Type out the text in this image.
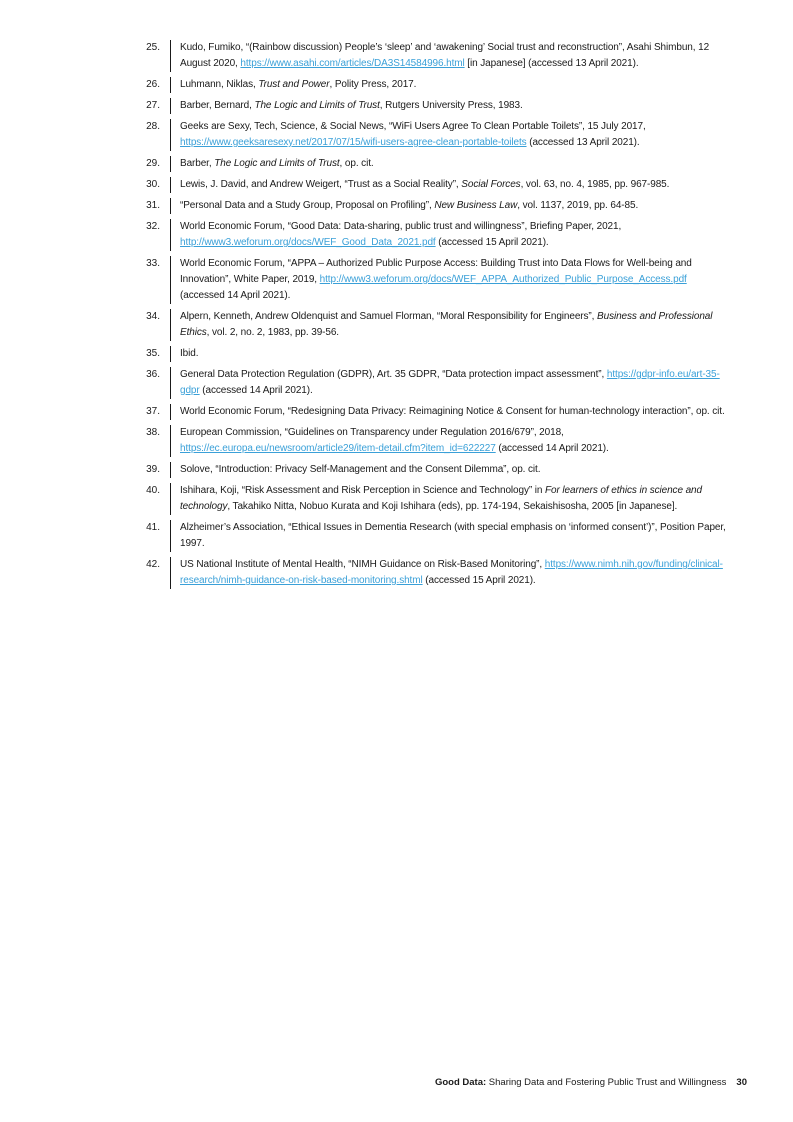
25.	Kudo, Fumiko, “(Rainbow discussion) People’s ‘sleep’ and ‘awakening’ Social trust and reconstruction”, Asahi Shimbun, 12 August 2020, https://www.asahi.com/articles/DA3S14584996.html [in Japanese] (accessed 13 April 2021).
26.	Luhmann, Niklas, Trust and Power, Polity Press, 2017.
27.	Barber, Bernard, The Logic and Limits of Trust, Rutgers University Press, 1983.
28.	Geeks are Sexy, Tech, Science, & Social News, “WiFi Users Agree To Clean Portable Toilets”, 15 July 2017, https://www.geeksaresexy.net/2017/07/15/wifi-users-agree-clean-portable-toilets (accessed 13 April 2021).
29.	Barber, The Logic and Limits of Trust, op. cit.
30.	Lewis, J. David, and Andrew Weigert, “Trust as a Social Reality”, Social Forces, vol. 63, no. 4, 1985, pp. 967-985.
31.	“Personal Data and a Study Group, Proposal on Profiling”, New Business Law, vol. 1137, 2019, pp. 64-85.
32.	World Economic Forum, “Good Data: Data-sharing, public trust and willingness”, Briefing Paper, 2021, http://www3.weforum.org/docs/WEF_Good_Data_2021.pdf (accessed 15 April 2021).
33.	World Economic Forum, “APPA – Authorized Public Purpose Access: Building Trust into Data Flows for Well-being and Innovation”, White Paper, 2019, http://www3.weforum.org/docs/WEF_APPA_Authorized_Public_Purpose_Access.pdf (accessed 14 April 2021).
34.	Alpern, Kenneth, Andrew Oldenquist and Samuel Florman, “Moral Responsibility for Engineers”, Business and Professional Ethics, vol. 2, no. 2, 1983, pp. 39-56.
35.	Ibid.
36.	General Data Protection Regulation (GDPR), Art. 35 GDPR, “Data protection impact assessment”, https://gdpr-info.eu/art-35-gdpr (accessed 14 April 2021).
37.	World Economic Forum, “Redesigning Data Privacy: Reimagining Notice & Consent for human-technology interaction”, op. cit.
38.	European Commission, “Guidelines on Transparency under Regulation 2016/679”, 2018, https://ec.europa.eu/newsroom/article29/item-detail.cfm?item_id=622227 (accessed 14 April 2021).
39.	Solove, “Introduction: Privacy Self-Management and the Consent Dilemma”, op. cit.
40.	Ishihara, Koji, “Risk Assessment and Risk Perception in Science and Technology” in For learners of ethics in science and technology, Takahiko Nitta, Nobuo Kurata and Koji Ishihara (eds), pp. 174-194, Sekaishisosha, 2005 [in Japanese].
41.	Alzheimer’s Association, “Ethical Issues in Dementia Research (with special emphasis on ‘informed consent’)”, Position Paper, 1997.
42.	US National Institute of Mental Health, “NIMH Guidance on Risk-Based Monitoring”, https://www.nimh.nih.gov/funding/clinical-research/nimh-guidance-on-risk-based-monitoring.shtml (accessed 15 April 2021).
Good Data: Sharing Data and Fostering Public Trust and Willingness 30
